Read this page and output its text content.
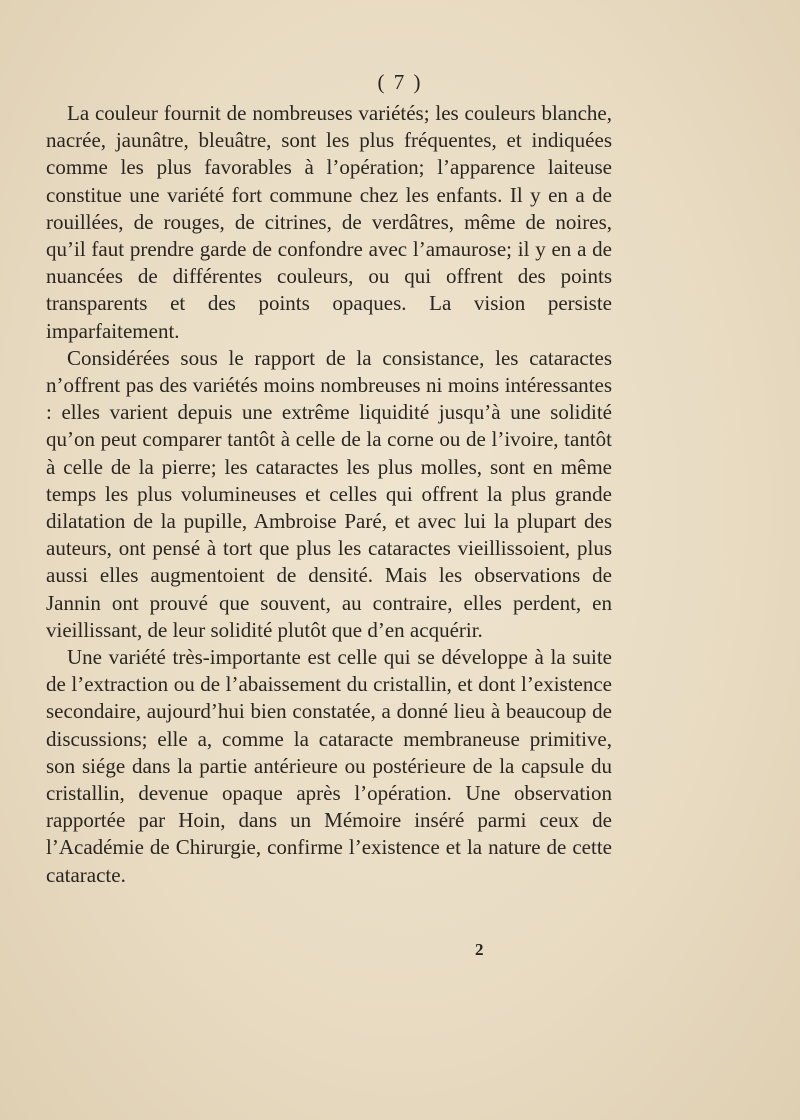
( 7 )

La couleur fournit de nombreuses variétés; les couleurs blanche, nacrée, jaunâtre, bleuâtre, sont les plus fréquentes, et indiquées comme les plus favorables à l’opération; l’apparence laiteuse constitue une variété fort commune chez les enfants. Il y en a de rouillées, de rouges, de citrines, de verdâtres, même de noires, qu’il faut prendre garde de confondre avec l’amaurose; il y en a de nuancées de différentes couleurs, ou qui offrent des points transparents et des points opaques. La vision persiste imparfaitement.

Considérées sous le rapport de la consistance, les cataractes n’offrent pas des variétés moins nombreuses ni moins intéressantes : elles varient depuis une extrême liquidité jusqu’à une solidité qu’on peut comparer tantôt à celle de la corne ou de l’ivoire, tantôt à celle de la pierre; les cataractes les plus molles, sont en même temps les plus volumineuses et celles qui offrent la plus grande dilatation de la pupille, Ambroise Paré, et avec lui la plupart des auteurs, ont pensé à tort que plus les cataractes vieillissoient, plus aussi elles augmentoient de densité. Mais les observations de Jannin ont prouvé que souvent, au contraire, elles perdent, en vieillissant, de leur solidité plutôt que d’en acquérir.

Une variété très-importante est celle qui se développe à la suite de l’extraction ou de l’abaissement du cristallin, et dont l’existence secondaire, aujourd’hui bien constatée, a donné lieu à beaucoup de discussions; elle a, comme la cataracte membraneuse primitive, son siége dans la partie antérieure ou postérieure de la capsule du cristallin, devenue opaque après l’opération. Une observation rapportée par Hoin, dans un Mémoire inséré parmi ceux de l’Académie de Chirurgie, confirme l’existence et la nature de cette cataracte.

2
